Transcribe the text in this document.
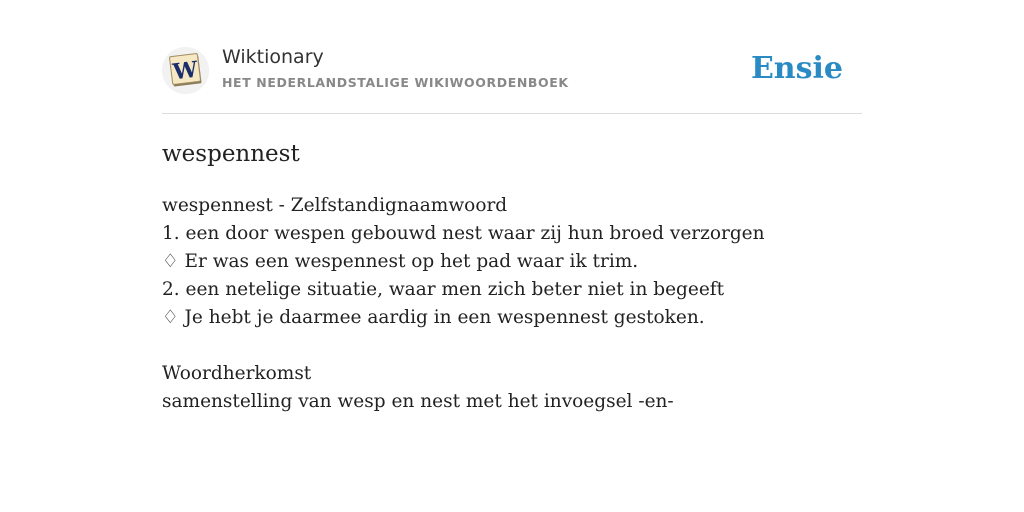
W Wiktionary
HET NEDERLANDSTALIGE WIKIWOORDENBOEK	Ensie
wespennest
wespennest - Zelfstandignaamwoord
1. een door wespen gebouwd nest waar zij hun broed verzorgen
♢ Er was een wespennest op het pad waar ik trim.
2. een netelige situatie, waar men zich beter niet in begeeft
♢ Je hebt je daarmee aardig in een wespennest gestoken.
Woordherkomst
samenstelling van wesp en nest met het invoegsel -en-
